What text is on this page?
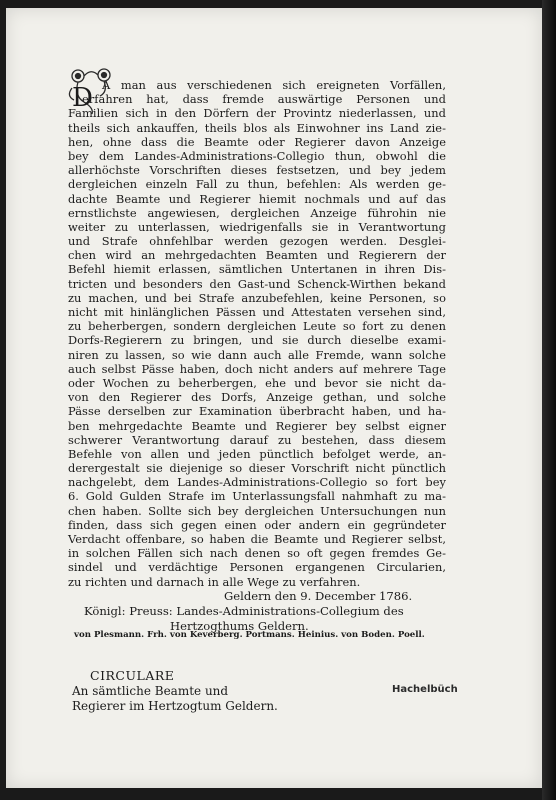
D A man aus verschiedenen sich ereigneten Vorfällen,
erfahren hat, dass fremde auswärtige Personen und
Familien sich in den Dörfern der Provintz niederlassen, und
theils sich ankauffen, theils blos als Einwohner ins Land zie-
hen, ohne dass die Beamte oder Regierer davon Anzeige
bey dem Landes-Administrations-Collegio thun, obwohl die
allerhöchste Vorschriften dieses festsetzen, und bey jedem
dergleichen einzeln Fall zu thun, befehlen: Als werden ge-
dachte Beamte und Regierer hiemit nochmals und auf das
ernstlichste angewiesen, dergleichen Anzeige führohin nie
weiter zu unterlassen, wiedrigenfalls sie in Verantwortung
und Strafe ohnfehlbar werden gezogen werden. Desglei-
chen wird an mehrgedachten Beamten und Regierern der
Befehl hiemit erlassen, sämtlichen Untertanen in ihren Dis-
tricten und besonders den Gast-und Schenck-Wirthen bekand
zu machen, und bei Strafe anzubefehlen, keine Personen, so
nicht mit hinlänglichen Pässen und Attestaten versehen sind,
zu beherbergen, sondern dergleichen Leute so fort zu denen
Dorfs-Regierern zu bringen, und sie durch dieselbe exami-
niren zu lassen, so wie dann auch alle Fremde, wann solche
auch selbst Pässe haben, doch nicht anders auf mehrere Tage
oder Wochen zu beherbergen, ehe und bevor sie nicht da-
von den Regierer des Dorfs, Anzeige gethan, und solche
Pässe derselben zur Examination überbracht haben, und ha-
ben mehrgedachte Beamte und Regierer bey selbst eigner
schwerer Verantwortung darauf zu bestehen, dass diesem
Befehle von allen und jeden pünctlich befolget werde, an-
derergestalt sie diejenige so dieser Vorschrift nicht pünctlich
nachgelebt, dem Landes-Administrations-Collegio so fort bey
6. Gold Gulden Strafe im Unterlassungsfall nahmhaft zu ma-
chen haben. Sollte sich bey dergleichen Untersuchungen nun
finden, dass sich gegen einen oder andern ein gegründeter
Verdacht offenbare, so haben die Beamte und Regierer selbst,
in solchen Fällen sich nach denen so oft gegen fremdes Ge-
sindel und verdächtige Personen ergangenen Circularien,
zu richten und darnach in alle Wege zu verfahren.
Geldern den 9. December 1786.
Königl: Preuss: Landes-Administrations-Collegium des
Hertzogthums Geldern.
von Plesmann. Frh. von Keverberg. Portmans. Heinius. von Boden. Poell.
CIRCULARE
An sämtliche Beamte und
Regierer im Hertzogtum Geldern.
Hachelbüch
